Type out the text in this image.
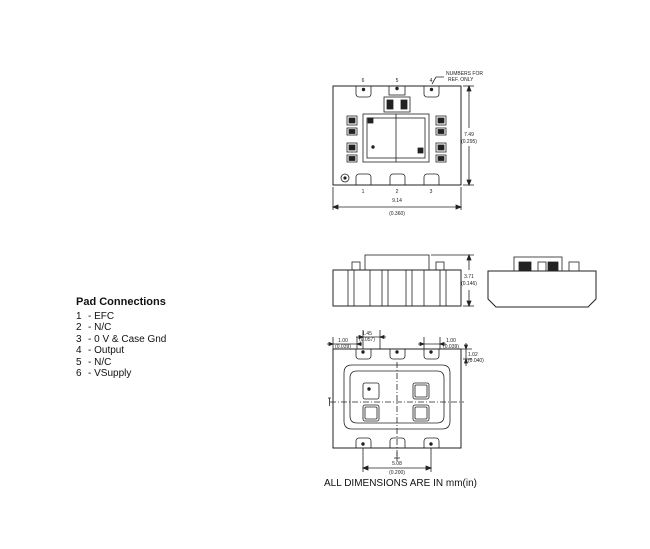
6	5	4
1	2	3
NUMBERS FOR
REF. ONLY
7.49
(0.295)
9.14
(0.360)
3.71
(0.146)
1.00
(0.039)
1.45
(0.057)	1.00
(0.039)
1.02
(0.040)
5.08
(0.200)
Pad Connections
1 - EFC
2 - N/C
3 - 0 V & Case Gnd
4 - Output
5 - N/C
6 - VSupply
ALL DIMENSIONS ARE IN mm(in)
